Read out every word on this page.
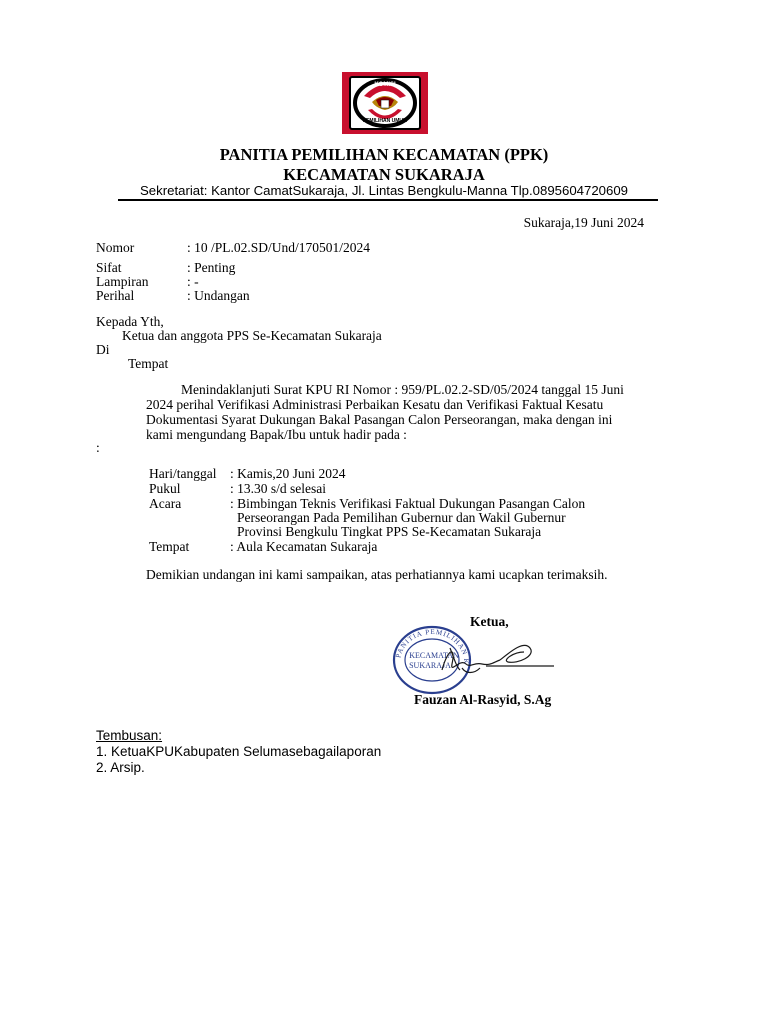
KOMISI
PEMILIHAN UMUM
PANITIA PEMILIHAN KECAMATAN (PPK)
KECAMATAN SUKARAJA
Sekretariat: Kantor CamatSukaraja, Jl. Lintas Bengkulu-Manna Tlp.0895604720609
Sukaraja,19 Juni 2024
Nomor	: 10 /PL.02.SD/Und/170501/2024
Sifat	: Penting
Lampiran	: -
Perihal	: Undangan
Kepada Yth,
Ketua dan anggota PPS Se-Kecamatan Sukaraja
Di
Tempat
Menindaklanjuti Surat KPU RI Nomor : 959/PL.02.2-SD/05/2024 tanggal 15 Juni
2024 perihal Verifikasi Administrasi Perbaikan Kesatu dan Verifikasi Faktual Kesatu
Dokumentasi Syarat Dukungan Bakal Pasangan Calon Perseorangan, maka dengan ini
kami mengundang Bapak/Ibu untuk hadir pada :
:
Hari/tanggal : Kamis,20 Juni 2024
Pukul	: 13.30 s/d selesai
Acara	: Bimbingan Teknis Verifikasi Faktual Dukungan Pasangan Calon
Perseorangan Pada Pemilihan Gubernur dan Wakil Gubernur
Provinsi Bengkulu Tingkat PPS Se-Kecamatan Sukaraja
Tempat	: Aula Kecamatan Sukaraja
Demikian undangan ini kami sampaikan, atas perhatiannya kami ucapkan terimaksih.
Ketua,
PANITIA PEMILIHAN K
KECAMATAN
SUKARAJA
Fauzan Al-Rasyid, S.Ag
Tembusan:
1. KetuaKPUKabupaten Selumasebagailaporan
2. Arsip.
